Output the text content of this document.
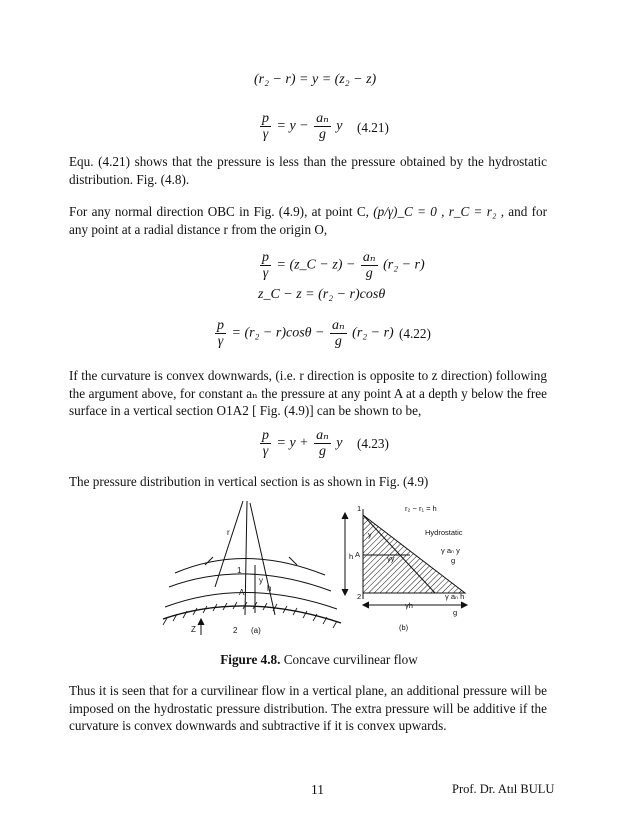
(r₂ − r) = y = (z₂ − z)
$\frac{p}{\gamma} = y - \frac{\text{aₙ}}{g}$ y (4.21)
Equ. (4.21) shows that the pressure is less than the pressure obtained by the hydrostatic distribution. Fig. (4.8).
For any normal direction OBC in Fig. (4.9), at point C, (p/γ)_C = 0 , r_C = r₂ , and for any point at a radial distance r from the origin O,
$\frac{p}{\gamma}$ = (z_C − $z) - \frac{\text{aₙ}}{g} (r_2 - r)$
z_C − z = (r₂ − r)cosθ
$\frac{p}{\gamma} = (r_2 - r)\cos\theta - \frac{\text{aₙ}}{g} (r_2 - r)$ (4.22)
If the curvature is convex downwards, (i.e. r direction is opposite to z direction) following the argument above, for constant aₙ the pressure at any point A at a depth y below the free surface in a vertical section O1A2 [ Fig. (4.9)] can be shown to be,
$\frac{p}{\gamma} = y + \frac{\text{aₙ}}{g}$ y (4.23)
The pressure distribution in vertical section is as shown in Fig. (4.9)
Z
1
A
y
h
r
2 (a)
r₂ − r₁ = h
Hydrostatic
1
A
2
y
h	γy
γh
γ aₙ y
g
γ aₙ h
g
(b)
Figure 4.8. Concave curvilinear flow
Thus it is seen that for a curvilinear flow in a vertical plane, an additional pressure will be imposed on the hydrostatic pressure distribution. The extra pressure will be additive if the curvature is convex downwards and subtractive if it is convex upwards.
11	Prof. Dr. Atıl BULU
